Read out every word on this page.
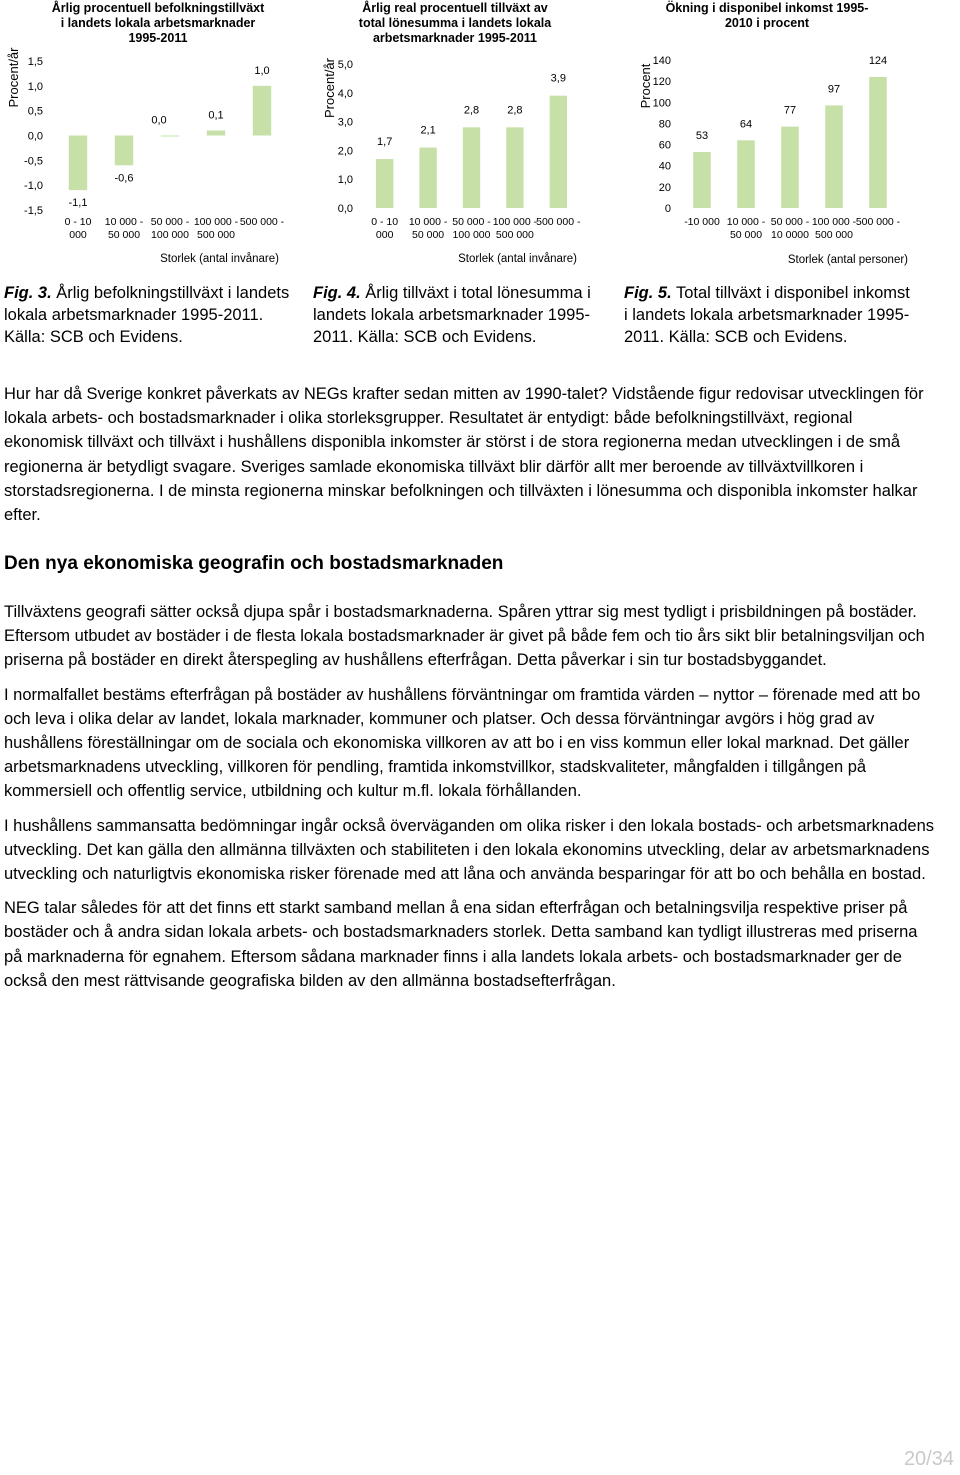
Årlig procentuell befolkningstillväxt
i landets lokala arbetsmarknader
1995-2011
Procent/år 1,5
1,0
0,5
0,0
-0,5
-1,0
-1,5
-1,1
0 - 10
000
-0,6
10 000 -
50 000
0,0
50 000 -
100 000
0,1
100 000 -
500 000
1,0
500 000 -
Storlek (antal invånare)
Årlig real procentuell tillväxt av
total lönesumma i landets lokala
arbetsmarknader 1995-2011
Procent/år 5,0
4,0
3,0
2,0
1,0
0,0
1,7
0 - 10
000
2,1
10 000 -
50 000
2,8
50 000 -
100 000
2,8
100 000 -
500 000
3,9
500 000 -
Storlek (antal invånare)
Ökning i disponibel inkomst 1995-
2010 i procent
Procent
140
120
100
80
60
40
20
0
53
-10 000
64
10 000 -
50 000
77
50 000 -
10 0000
97
100 000 -
500 000
124
500 000 -
Storlek (antal personer)
Fig. 3. Årlig befolkningstillväxt i landets lokala arbetsmarknader 1995-2011. Källa: SCB och Evidens.
Fig. 4. Årlig tillväxt i total lönesumma i landets lokala arbetsmarknader 1995-2011. Källa: SCB och Evidens.
Fig. 5. Total tillväxt i disponibel inkomst i landets lokala arbetsmarknader 1995-2011. Källa: SCB och Evidens.

Hur har då Sverige konkret påverkats av NEGs krafter sedan mitten av 1990-talet? Vidstående figur redovisar utvecklingen för lokala arbets- och bostadsmarknader i olika storleksgrupper. Resultatet är entydigt: både befolkningstillväxt, regional ekonomisk tillväxt och tillväxt i hushållens disponibla inkomster är störst i de stora regionerna medan utvecklingen i de små regionerna är betydligt svagare. Sveriges samlade ekonomiska tillväxt blir därför allt mer beroende av tillväxtvillkoren i storstadsregionerna. I de minsta regionerna minskar befolkningen och tillväxten i lönesumma och disponibla inkomster halkar efter.

Den nya ekonomiska geografin och bostadsmarknaden

Tillväxtens geografi sätter också djupa spår i bostadsmarknaderna. Spåren yttrar sig mest tydligt i prisbildningen på bostäder. Eftersom utbudet av bostäder i de flesta lokala bostadsmarknader är givet på både fem och tio års sikt blir betalningsviljan och priserna på bostäder en direkt återspegling av hushållens efterfrågan. Detta påverkar i sin tur bostadsbyggandet.

I normalfallet bestäms efterfrågan på bostäder av hushållens förväntningar om framtida värden – nyttor – förenade med att bo och leva i olika delar av landet, lokala marknader, kommuner och platser. Och dessa förväntningar avgörs i hög grad av hushållens föreställningar om de sociala och ekonomiska villkoren av att bo i en viss kommun eller lokal marknad. Det gäller arbetsmarknadens utveckling, villkoren för pendling, framtida inkomstvillkor, stadskvaliteter, mångfalden i tillgången på kommersiell och offentlig service, utbildning och kultur m.fl. lokala förhållanden.

I hushållens sammansatta bedömningar ingår också överväganden om olika risker i den lokala bostads- och arbetsmarknadens utveckling. Det kan gälla den allmänna tillväxten och stabiliteten i den lokala ekonomins utveckling, delar av arbetsmarknadens utveckling och naturligtvis ekonomiska risker förenade med att låna och använda besparingar för att bo och behålla en bostad.

NEG talar således för att det finns ett starkt samband mellan å ena sidan efterfrågan och betalningsvilja respektive priser på bostäder och å andra sidan lokala arbets- och bostadsmarknaders storlek. Detta samband kan tydligt illustreras med priserna på marknaderna för egnahem. Eftersom sådana marknader finns i alla landets lokala arbets- och bostadsmarknader ger de också den mest rättvisande geografiska bilden av den allmänna bostadsefterfrågan.

20/34
